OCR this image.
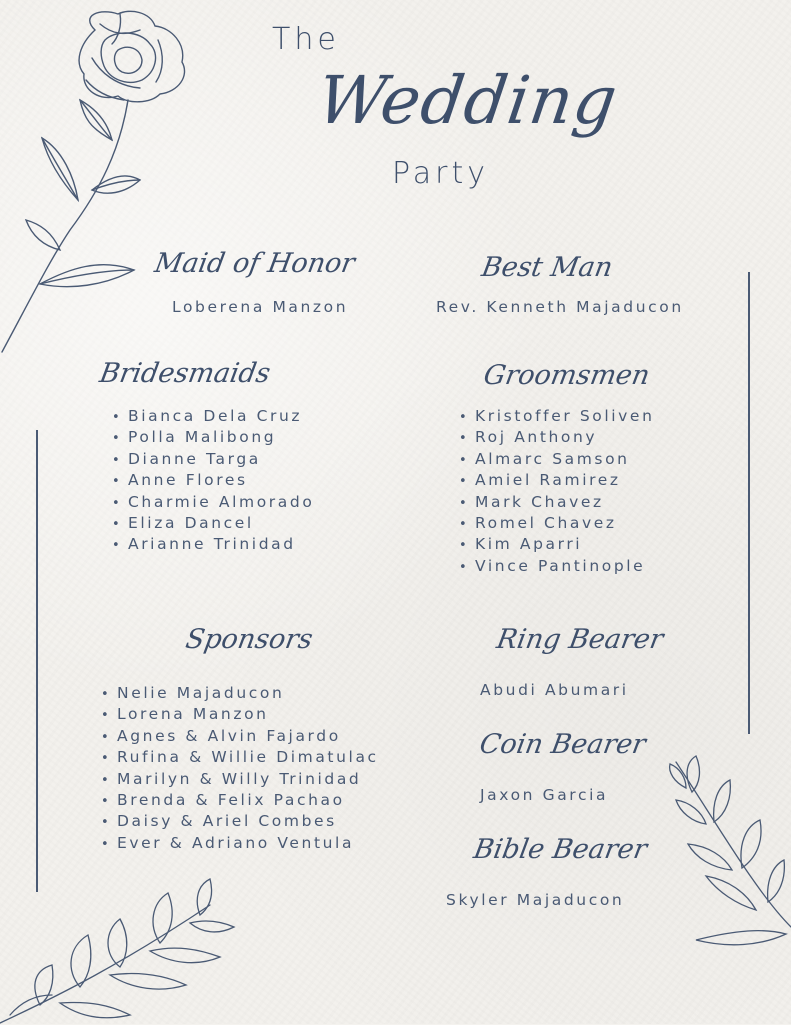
The
Wedding
Party
Maid of Honor
Loberena Manzon
Best Man
Rev. Kenneth Majaducon
Bridesmaids
• Bianca Dela Cruz
• Polla Malibong
• Dianne Targa
• Anne Flores
• Charmie Almorado
• Eliza Dancel
• Arianne Trinidad
Groomsmen
• Kristoffer Soliven
• Roj Anthony
• Almarc Samson
• Amiel Ramirez
• Mark Chavez
• Romel Chavez
• Kim Aparri
• Vince Pantinople
Sponsors
• Nelie Majaducon
• Lorena Manzon
• Agnes & Alvin Fajardo
• Rufina & Willie Dimatulac
• Marilyn & Willy Trinidad
• Brenda & Felix Pachao
• Daisy & Ariel Combes
• Ever & Adriano Ventula
Ring Bearer
Abudi Abumari
Coin Bearer
Jaxon Garcia
Bible Bearer
Skyler Majaducon
